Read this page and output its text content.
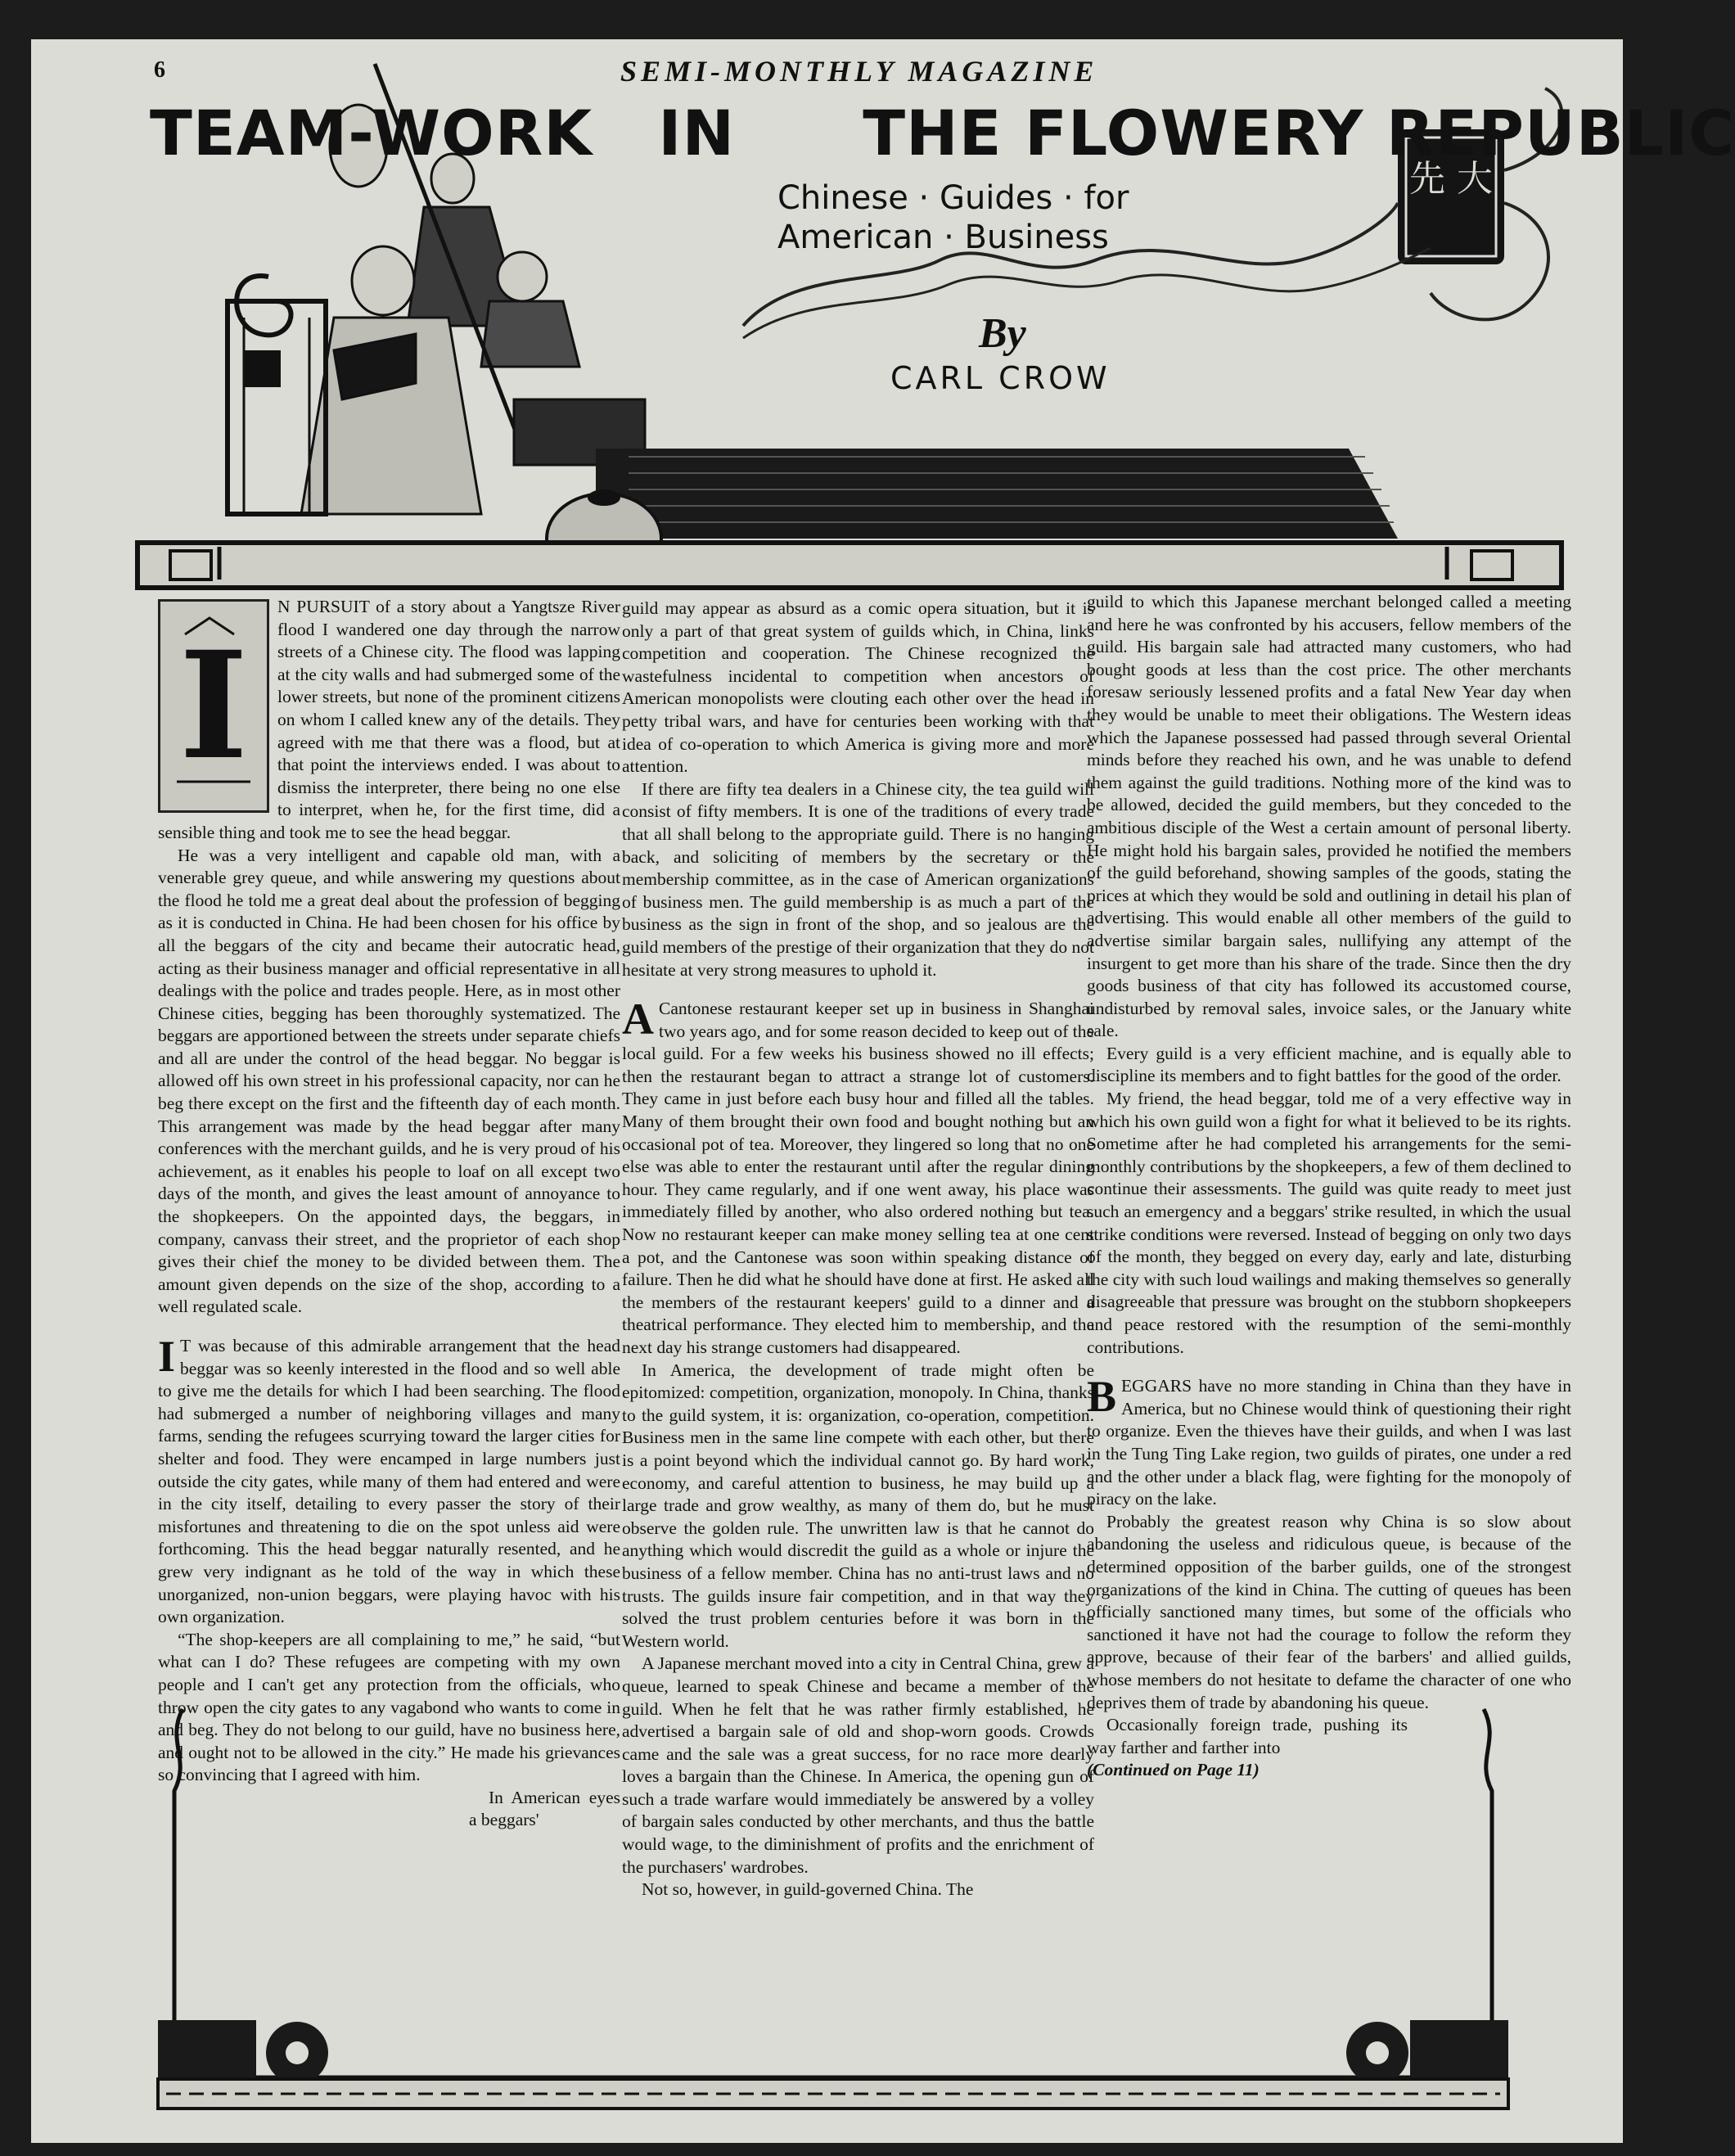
6	SEMI-MONTHLY MAGAZINE
明 先 大 止
TEAM-WORK IN THE FLOWERY REPUBLIC
Chinese · Guides · for
American · Business
By
CARL CROW

I
N PURSUIT of a story about a Yangtsze River flood I wandered one day through the narrow streets of a Chinese city. The flood was lapping at the city walls and had submerged some of the lower streets, but none of the prominent citizens on whom I called knew any of the details. They agreed with me that there was a flood, but at that point the interviews ended. I was about to dismiss the interpreter, there being no one else to interpret, when he, for the first time, did a sensible thing and took me to see the head beggar.

He was a very intelligent and capable old man, with a venerable grey queue, and while answering my questions about the flood he told me a great deal about the profession of begging as it is conducted in China. He had been chosen for his office by all the beggars of the city and became their autocratic head, acting as their business manager and official representative in all dealings with the police and trades people. Here, as in most other Chinese cities, begging has been thoroughly systematized. The beggars are apportioned between the streets under separate chiefs and all are under the control of the head beggar. No beggar is allowed off his own street in his professional capacity, nor can he beg there except on the first and the fifteenth day of each month. This arrangement was made by the head beggar after many conferences with the merchant guilds, and he is very proud of his achievement, as it enables his people to loaf on all except two days of the month, and gives the least amount of annoyance to the shopkeepers. On the appointed days, the beggars, in company, canvass their street, and the proprietor of each shop gives their chief the money to be divided between them. The amount given depends on the size of the shop, according to a well regulated scale.

I T was because of this admirable arrangement that the head beggar was so keenly interested in the flood and so well able to give me the details for which I had been searching. The flood had submerged a number of neighboring villages and many farms, sending the refugees scurrying toward the larger cities for shelter and food. They were encamped in large numbers just outside the city gates, while many of them had entered and were in the city itself, detailing to every passer the story of their misfortunes and threatening to die on the spot unless aid were forthcoming. This the head beggar naturally resented, and he grew very indignant as he told of the way in which these unorganized, non-union beggars, were playing havoc with his own organization.

“The shop-keepers are all complaining to me,” he said, “but what can I do? These refugees are competing with my own people and I can't get any protection from the officials, who throw open the city gates to any vagabond who wants to come in and beg. They do not belong to our guild, have no business here, and ought not to be allowed in the city.” He made his grievances so convincing that I agreed with him.

In American eyes a beggars'

guild may appear as absurd as a comic opera situation, but it is only a part of that great system of guilds which, in China, links competition and cooperation. The Chinese recognized the wastefulness incidental to competition when ancestors of American monopolists were clouting each other over the head in petty tribal wars, and have for centuries been working with that idea of co-operation to which America is giving more and more attention.

If there are fifty tea dealers in a Chinese city, the tea guild will consist of fifty members. It is one of the traditions of every trade that all shall belong to the appropriate guild. There is no hanging back, and soliciting of members by the secretary or the membership committee, as in the case of American organizations of business men. The guild membership is as much a part of the business as the sign in front of the shop, and so jealous are the guild members of the prestige of their organization that they do not hesitate at very strong measures to uphold it.

A Cantonese restaurant keeper set up in business in Shanghai two years ago, and for some reason decided to keep out of the local guild. For a few weeks his business showed no ill effects; then the restaurant began to attract a strange lot of customers. They came in just before each busy hour and filled all the tables. Many of them brought their own food and bought nothing but an occasional pot of tea. Moreover, they lingered so long that no one else was able to enter the restaurant until after the regular dining hour. They came regularly, and if one went away, his place was immediately filled by another, who also ordered nothing but tea. Now no restaurant keeper can make money selling tea at one cent a pot, and the Cantonese was soon within speaking distance of failure. Then he did what he should have done at first. He asked all the members of the restaurant keepers' guild to a dinner and a theatrical performance. They elected him to membership, and the next day his strange customers had disappeared.

In America, the development of trade might often be epitomized: competition, organization, monopoly. In China, thanks to the guild system, it is: organization, co-operation, competition. Business men in the same line compete with each other, but there is a point beyond which the individual cannot go. By hard work, economy, and careful attention to business, he may build up a large trade and grow wealthy, as many of them do, but he must observe the golden rule. The unwritten law is that he cannot do anything which would discredit the guild as a whole or injure the business of a fellow member. China has no anti-trust laws and no trusts. The guilds insure fair competition, and in that way they solved the trust problem centuries before it was born in the Western world.

A Japanese merchant moved into a city in Central China, grew a queue, learned to speak Chinese and became a member of the guild. When he felt that he was rather firmly established, he advertised a bargain sale of old and shop-worn goods. Crowds came and the sale was a great success, for no race more dearly loves a bargain than the Chinese. In America, the opening gun of such a trade warfare would immediately be answered by a volley of bargain sales conducted by other merchants, and thus the battle would wage, to the diminishment of profits and the enrichment of the purchasers' wardrobes.

Not so, however, in guild-governed China. The

guild to which this Japanese merchant belonged called a meeting and here he was confronted by his accusers, fellow members of the guild. His bargain sale had attracted many customers, who had bought goods at less than the cost price. The other merchants foresaw seriously lessened profits and a fatal New Year day when they would be unable to meet their obligations. The Western ideas which the Japanese possessed had passed through several Oriental minds before they reached his own, and he was unable to defend them against the guild traditions. Nothing more of the kind was to be allowed, decided the guild members, but they conceded to the ambitious disciple of the West a certain amount of personal liberty. He might hold his bargain sales, provided he notified the members of the guild beforehand, showing samples of the goods, stating the prices at which they would be sold and outlining in detail his plan of advertising. This would enable all other members of the guild to advertise similar bargain sales, nullifying any attempt of the insurgent to get more than his share of the trade. Since then the dry goods business of that city has followed its accustomed course, undisturbed by removal sales, invoice sales, or the January white sale.

Every guild is a very efficient machine, and is equally able to discipline its members and to fight battles for the good of the order.

My friend, the head beggar, told me of a very effective way in which his own guild won a fight for what it believed to be its rights. Sometime after he had completed his arrangements for the semi-monthly contributions by the shopkeepers, a few of them declined to continue their assessments. The guild was quite ready to meet just such an emergency and a beggars' strike resulted, in which the usual strike conditions were reversed. Instead of begging on only two days of the month, they begged on every day, early and late, disturbing the city with such loud wailings and making themselves so generally disagreeable that pressure was brought on the stubborn shopkeepers and peace restored with the resumption of the semi-monthly contributions.

BEGGARS have no more standing in China than they have in America, but no Chinese would think of questioning their right to organize. Even the thieves have their guilds, and when I was last in the Tung Ting Lake region, two guilds of pirates, one under a red and the other under a black flag, were fighting for the monopoly of piracy on the lake.

Probably the greatest reason why China is so slow about abandoning the useless and ridiculous queue, is because of the determined opposition of the barber guilds, one of the strongest organizations of the kind in China. The cutting of queues has been officially sanctioned many times, but some of the officials who sanctioned it have not had the courage to follow the reform they approve, because of their fear of the barbers' and allied guilds, whose members do not hesitate to defame the character of one who deprives them of trade by abandoning his queue.

Occasionally foreign trade, pushing its way farther and farther into

(Continued on Page 11)
